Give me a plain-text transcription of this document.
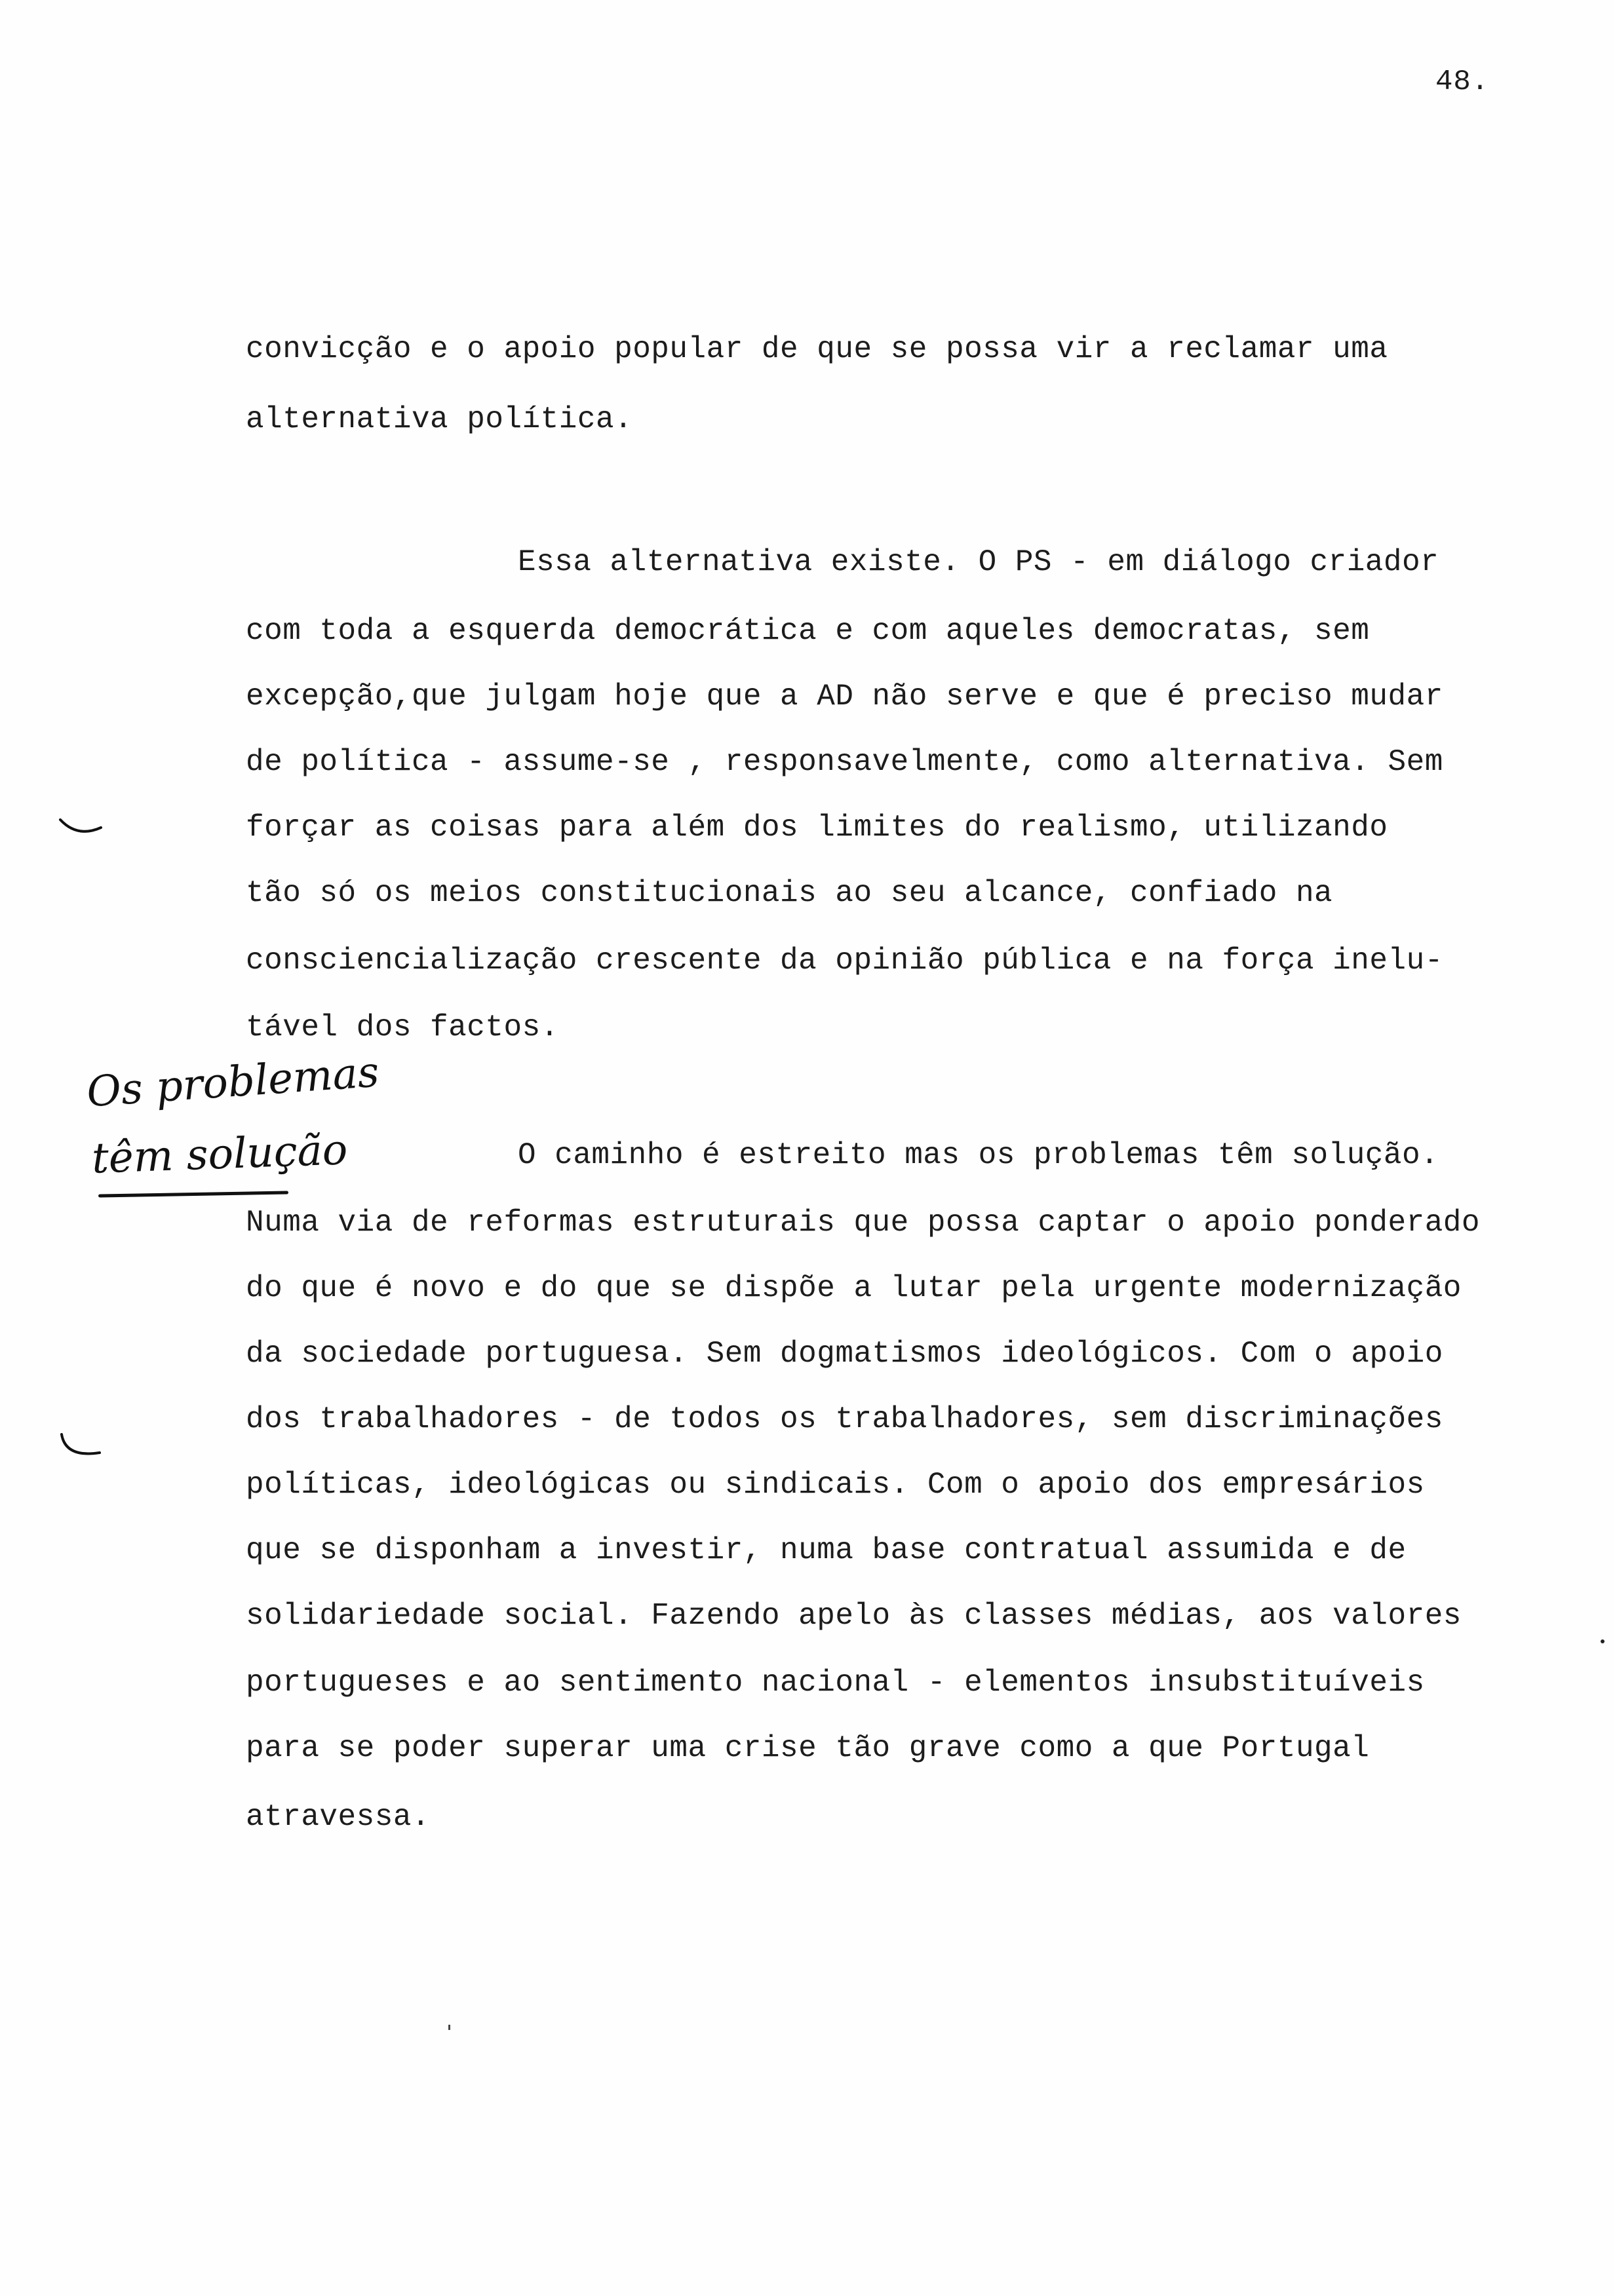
48.
convicção e o apoio popular de que se possa vir a reclamar uma
alternativa política.
Essa alternativa existe. O PS - em diálogo criador
com toda a esquerda democrática e com aqueles democratas, sem
excepção,que julgam hoje que a AD não serve e que é preciso mudar
de política - assume-se , responsavelmente, como alternativa. Sem
forçar as coisas para além dos limites do realismo, utilizando
tão só os meios constitucionais ao seu alcance, confiado na
consciencialização crescente da opinião pública e na força inelu-
tável dos factos.
O caminho é estreito mas os problemas têm solução.
Numa via de reformas estruturais que possa captar o apoio ponderado
do que é novo e do que se dispõe a lutar pela urgente modernização
da sociedade portuguesa. Sem dogmatismos ideológicos. Com o apoio
dos trabalhadores - de todos os trabalhadores, sem discriminações
políticas, ideológicas ou sindicais. Com o apoio dos empresários
que se disponham a investir, numa base contratual assumida e de
solidariedade social. Fazendo apelo às classes médias, aos valores
portugueses e ao sentimento nacional - elementos insubstituíveis
para se poder superar uma crise tão grave como a que Portugal
atravessa.
Os problemas
têm solução
